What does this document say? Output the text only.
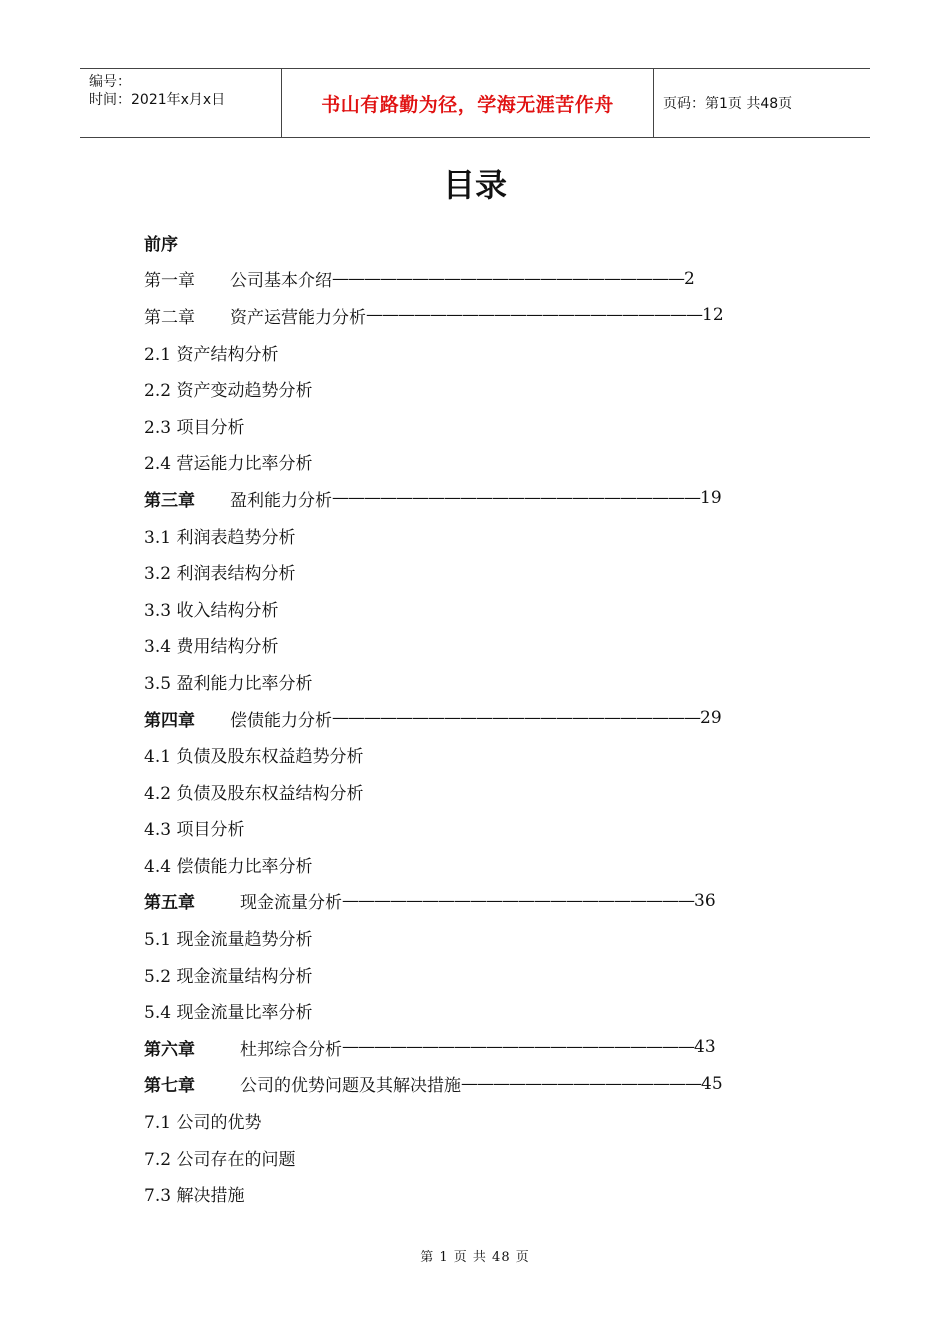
编号：
时间：2021年x月x日	书山有路勤为径，学海无涯苦作舟	页码：第1页 共48页
目录
前序
第一章	公司基本介绍 —————————————————————— 2
第二章	资产运营能力分析 ————————————————————— 12
2.1 资产结构分析
2.2 资产变动趋势分析
2.3 项目分析
2.4 营运能力比率分析
第三章	盈利能力分析 ——————————————————————— 19
3.1 利润表趋势分析
3.2 利润表结构分析
3.3 收入结构分析
3.4 费用结构分析
3.5 盈利能力比率分析
第四章	偿债能力分析 ——————————————————————— 29
4.1 负债及股东权益趋势分析
4.2 负债及股东权益结构分析
4.3 项目分析
4.4 偿债能力比率分析
第五章	现金流量分析 —————————————————————— 36
5.1 现金流量趋势分析
5.2 现金流量结构分析
5.4 现金流量比率分析
第六章	杜邦综合分析 —————————————————————— 43
第七章	公司的优势问题及其解决措施 ——————————————— 45
7.1 公司的优势
7.2 公司存在的问题
7.3 解决措施
第 1 页 共 48 页
